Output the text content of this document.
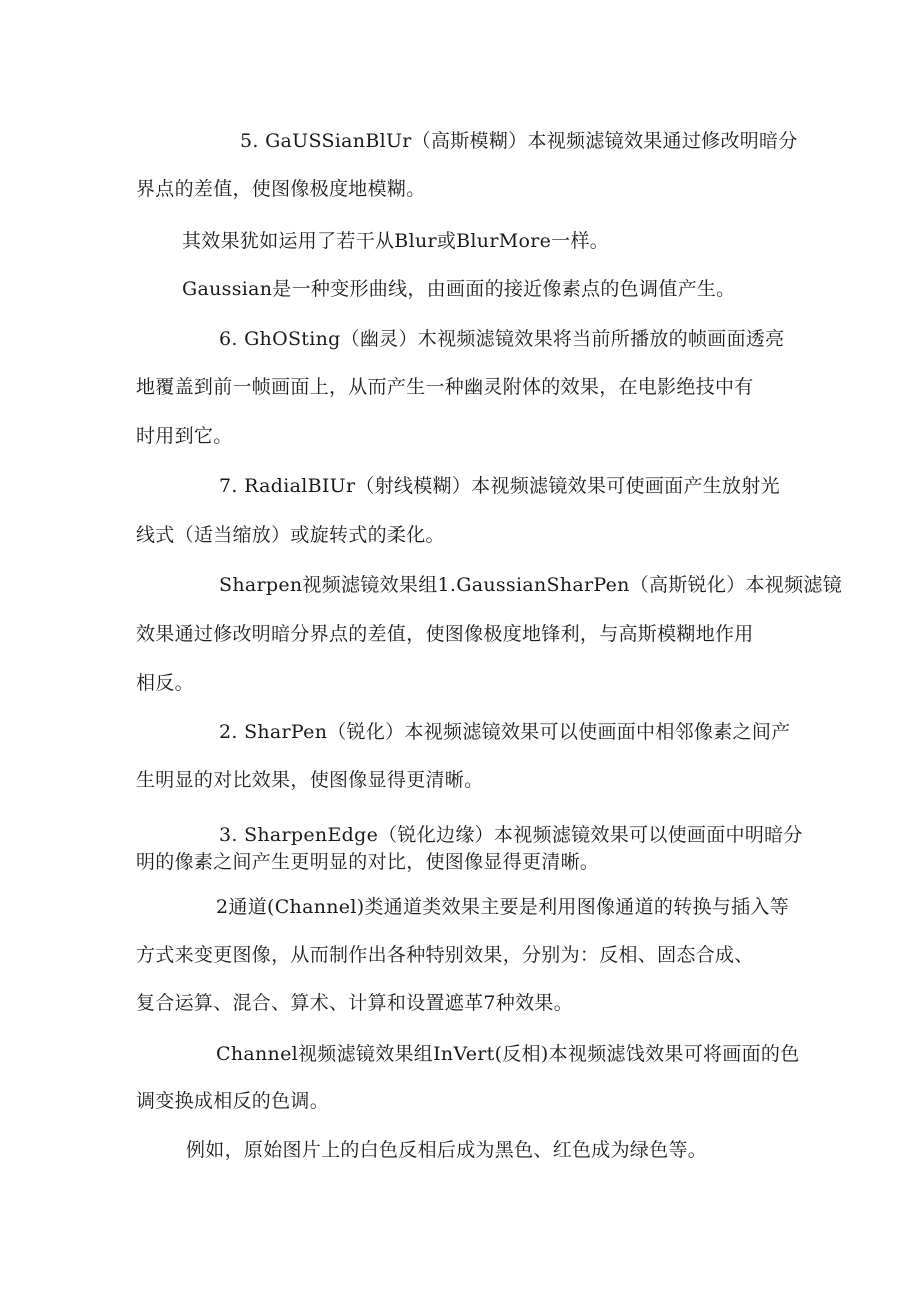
5. GaUSSianBlUr（高斯模糊）本视频滤镜效果通过修改明暗分
界点的差值，使图像极度地模糊。
其效果犹如运用了若干从Blur或BlurMore一样。
Gaussian是一种变形曲线，由画面的接近像素点的色调值产生。
6. GhOSting（幽灵）木视频滤镜效果将当前所播放的帧画面透亮
地覆盖到前一帧画面上，从而产生一种幽灵附体的效果，在电影绝技中有
时用到它。
7. RadialBIUr（射线模糊）本视频滤镜效果可使画面产生放射光
线式（适当缩放）或旋转式的柔化。
Sharpen视频滤镜效果组1.GaussianSharPen（高斯锐化）本视频滤镜
效果通过修改明暗分界点的差值，使图像极度地锋利，与高斯模糊地作用
相反。
2. SharPen（锐化）本视频滤镜效果可以使画面中相邻像素之间产
生明显的对比效果，使图像显得更清晰。
3. SharpenEdge（锐化边缘）本视频滤镜效果可以使画面中明暗分
明的像素之间产生更明显的对比，使图像显得更清晰。
2通道(Channel)类通道类效果主要是利用图像通道的转换与插入等
方式来变更图像，从而制作出各种特别效果，分别为：反相、固态合成、
复合运算、混合、算术、计算和设置遮革7种效果。
Channel视频滤镜效果组InVert(反相)本视频滤饯效果可将画面的色
调变换成相反的色调。
例如，原始图片上的白色反相后成为黑色、红色成为绿色等。
